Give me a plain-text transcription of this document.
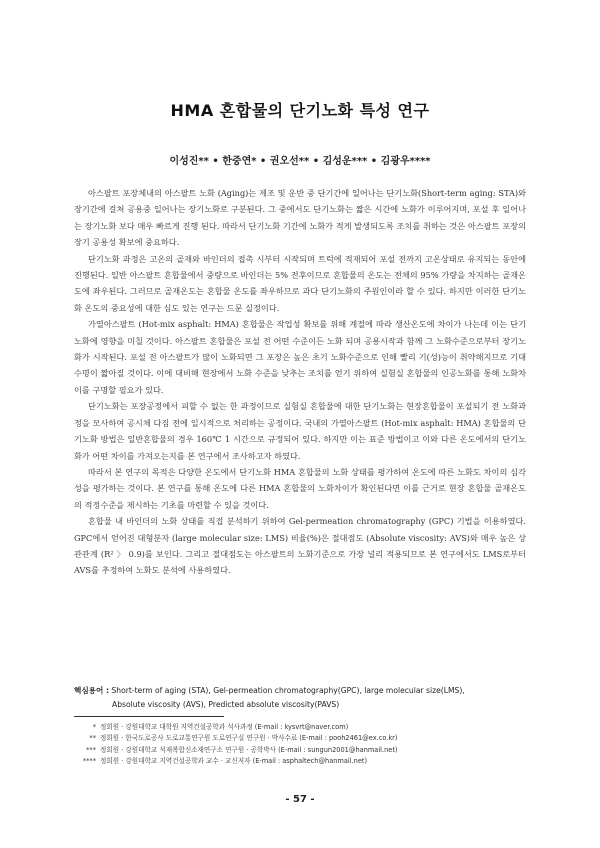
HMA 혼합물의 단기노화 특성 연구
이성진** • 한중연* • 권오선** • 김성운*** • 김광우****

아스팔트 포장체내의 아스팔트 노화 (Aging)는 제조 및 운반 중 단기간에 일어나는 단기노화(Short-term aging: STA)와 장기간에 걸쳐 공용중 일어나는 장기노화로 구분된다. 그 중에서도 단기노화는 짧은 시간에 노화가 이루어지며, 포설 후 일어나는 장기노화 보다 매우 빠르게 진행 된다. 따라서 단기노화 기간에 노화가 적게 발생되도록 조치를 취하는 것은 아스팔트 포장의 장기 공용성 확보에 중요하다.

단기노화 과정은 고온의 골재와 바인더의 접촉 시부터 시작되며 트럭에 적재되어 포설 전까지 고온상태로 유지되는 동안에 진행된다. 일반 아스팔트 혼합물에서 중량으로 바인더는 5% 전후이므로 혼합물의 온도는 전체의 95% 가량을 차지하는 골재온도에 좌우된다. 그러므로 골재온도는 혼합물 온도를 좌우하므로 과다 단기노화의 주원인이라 할 수 있다. 하지만 이러한 단기노화 온도의 중요성에 대한 심도 있는 연구는 드문 실정이다.

가열아스팔트 (Hot-mix asphalt: HMA) 혼합물은 작업성 확보를 위해 계절에 따라 생산온도에 차이가 나는데 이는 단기노화에 영향을 미칠 것이다. 아스팔트 혼합물은 포설 전 어떤 수준이든 노화 되며 공용시작과 함께 그 노화수준으로부터 장기노화가 시작된다. 포설 전 아스팔트가 많이 노화되면 그 포장은 높은 초기 노화수준으로 인해 빨리 기(성)능이 취약해지므로 기대수명이 짧아질 것이다. 이에 대비해 현장에서 노화 수준을 낮추는 조치를 얻기 위하여 실험실 혼합물의 인공노화를 통해 노화차이를 구명할 필요가 있다.

단기노화는 포장공정에서 피할 수 없는 한 과정이므로 실험실 혼합물에 대한 단기노화는 현장혼합물이 포설되기 전 노화과정을 모사하여 공시체 다짐 전에 일시적으로 처리하는 공정이다. 국내의 가열아스팔트 (Hot-mix asphalt: HMA) 혼합물의 단기노화 방법은 일반혼합물의 경우 160℃ 1 시간으로 규정되어 있다. 하지만 이는 표준 방법이고 이와 다른 온도에서의 단기노화가 어떤 차이를 가져오는지를 본 연구에서 조사하고자 하였다.

따라서 본 연구의 목적은 다양한 온도에서 단기노화 HMA 혼합물의 노화 상태를 평가하여 온도에 따른 노화도 차이의 심각성을 평가하는 것이다. 본 연구를 통해 온도에 다른 HMA 혼합물의 노화차이가 확인된다면 이를 근거로 현장 혼합물 골재온도의 적정수준을 제시하는 기초를 마련할 수 있을 것이다.

혼합물 내 바인더의 노화 상태를 직접 분석하기 위하여 Gel-permeation chromatography (GPC) 기법을 이용하였다. GPC에서 얻어진 대형분자 (large molecular size: LMS) 비율(%)은 절대점도 (Absolute viscosity: AVS)와 매우 높은 상관관계 (R² 〉 0.9)를 보인다. 그리고 절대점도는 아스팔트의 노화기준으로 가장 널리 적용되므로 본 연구에서도 LMS로부터 AVS를 추정하여 노화도 분석에 사용하였다.

핵심용어 : Short-term of aging (STA), Gel-permeation chromatography(GPC), large molecular size(LMS),
Absolute viscosity (AVS), Predicted absolute viscosity(PAVS)
* 정회원 · 강원대학교 대학원 지역건설공학과 석사과정 (E-mail : kysvrt@naver.com)
** 정회원 · 한국도로공사 도로교통연구원 도로연구실 연구원 · 박사수료 (E-mail : pooh2461@ex.co.kr)
*** 정회원 · 강원대학교 석재복합신소재연구소 연구원 · 공학박사 (E-mail : sungun2001@hanmail.net)
**** 정회원 · 강원대학교 지역건설공학과 교수 · 교신저자 (E-mail : asphaltech@hanmail.net)
- 57 -
